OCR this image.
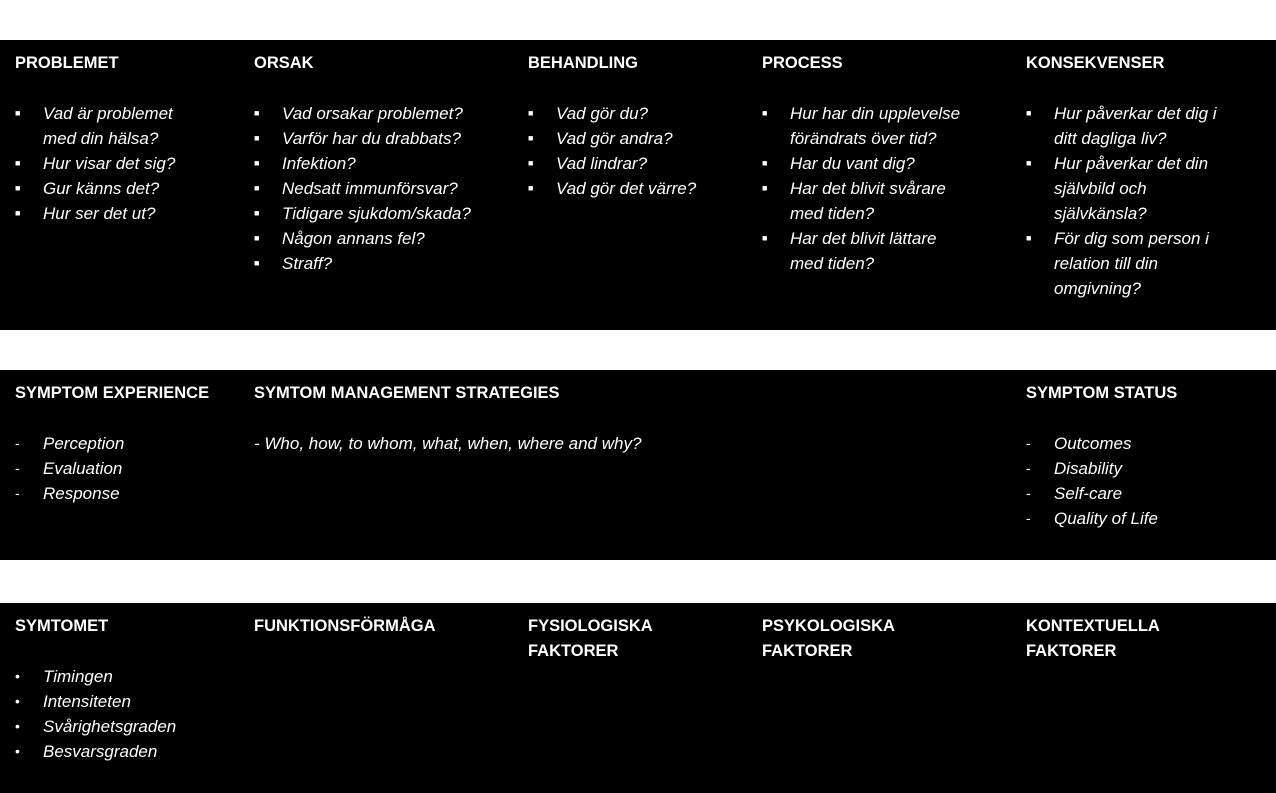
PROBLEMET
■ Vad är problemet
med din hälsa?
■ Hur visar det sig?
■ Gur känns det?
■ Hur ser det ut?
ORSAK
■ Vad orsakar problemet?
■ Varför har du drabbats?
■ Infektion?
■ Nedsatt immunförsvar?
■ Tidigare sjukdom/skada?
■ Någon annans fel?
■ Straff?
BEHANDLING
■ Vad gör du?
■ Vad gör andra?
■ Vad lindrar?
■ Vad gör det värre?
PROCESS
■ Hur har din upplevelse
förändrats över tid?
■ Har du vant dig?
■ Har det blivit svårare
med tiden?
■ Har det blivit lättare
med tiden?
KONSEKVENSER
■ Hur påverkar det dig i
ditt dagliga liv?
■ Hur påverkar det din
självbild och
självkänsla?
■ För dig som person i
relation till din
omgivning?
SYMPTOM EXPERIENCE
- Perception
- Evaluation
- Response
SYMTOM MANAGEMENT STRATEGIES
- Who, how, to whom, what, when, where and why?
SYMPTOM STATUS
- Outcomes
- Disability
- Self-care
- Quality of Life
SYMTOMET
• Timingen
• Intensiteten
• Svårighetsgraden
• Besvarsgraden
FUNKTIONSFÖRMÅGA	FYSIOLOGISKA
FAKTORER
PSYKOLOGISKA
FAKTORER
KONTEXTUELLA
FAKTORER
